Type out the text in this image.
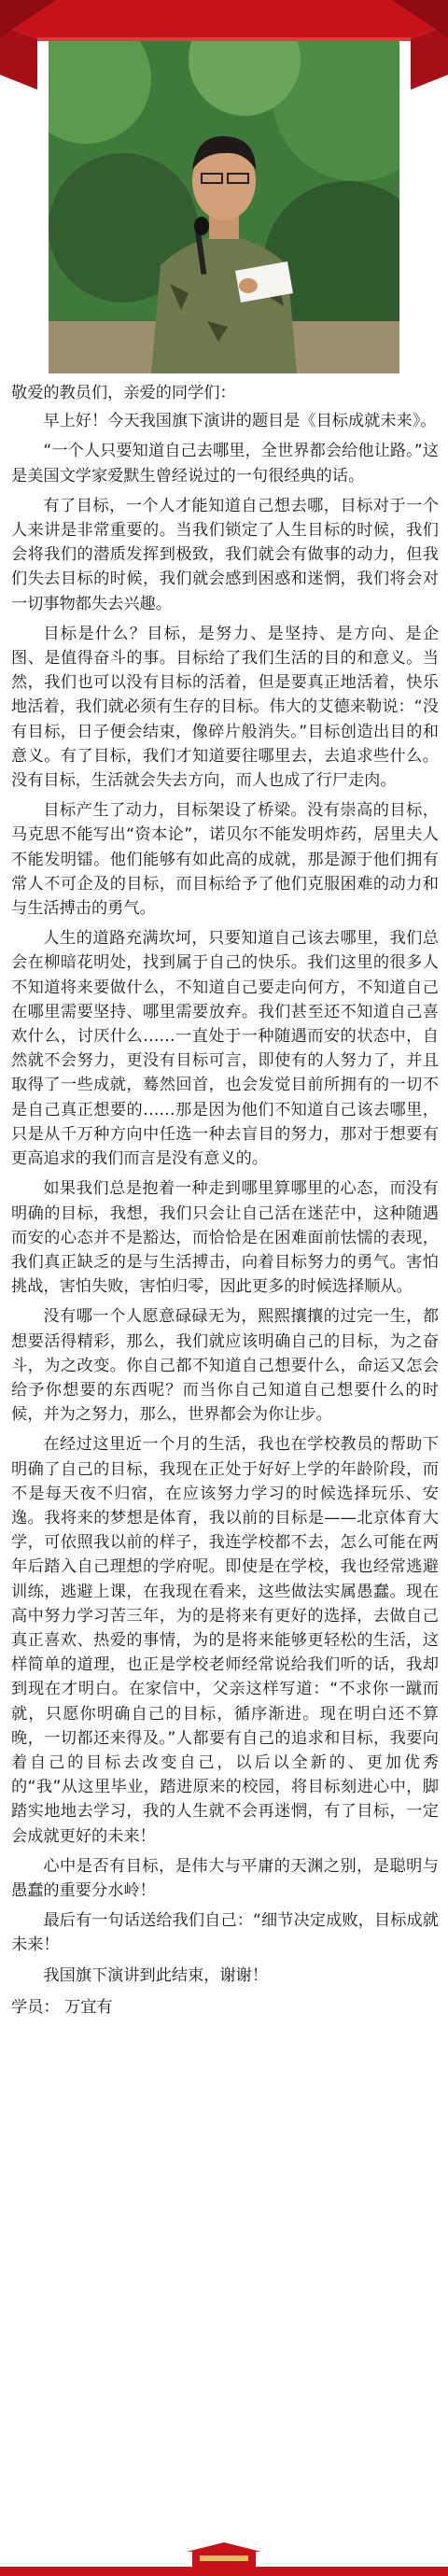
敬爱的教员们，亲爱的同学们：

早上好！今天我国旗下演讲的题目是《目标成就未来》。

“一个人只要知道自己去哪里，全世界都会给他让路。”这是美国文学家爱默生曾经说过的一句很经典的话。

有了目标，一个人才能知道自己想去哪，目标对于一个人来讲是非常重要的。当我们锁定了人生目标的时候，我们会将我们的潜质发挥到极致，我们就会有做事的动力，但我们失去目标的时候，我们就会感到困惑和迷惘，我们将会对一切事物都失去兴趣。

目标是什么？目标，是努力、是坚持、是方向、是企图、是值得奋斗的事。目标给了我们生活的目的和意义。当然，我们也可以没有目标的活着，但是要真正地活着，快乐地活着，我们就必须有生存的目标。伟大的艾德来勒说：“没有目标，日子便会结束，像碎片般消失。”目标创造出目的和意义。有了目标，我们才知道要往哪里去，去追求些什么。没有目标，生活就会失去方向，而人也成了行尸走肉。

目标产生了动力，目标架设了桥梁。没有崇高的目标，马克思不能写出“资本论”，诺贝尔不能发明炸药，居里夫人不能发明镭。他们能够有如此高的成就，那是源于他们拥有常人不可企及的目标，而目标给予了他们克服困难的动力和与生活搏击的勇气。

人生的道路充满坎坷，只要知道自己该去哪里，我们总会在柳暗花明处，找到属于自己的快乐。我们这里的很多人不知道将来要做什么，不知道自己要走向何方，不知道自己在哪里需要坚持、哪里需要放弃。我们甚至还不知道自己喜欢什么，讨厌什么……一直处于一种随遇而安的状态中，自然就不会努力，更没有目标可言，即使有的人努力了，并且取得了一些成就，蓦然回首，也会发觉目前所拥有的一切不是自己真正想要的……那是因为他们不知道自己该去哪里，只是从千万种方向中任选一种去盲目的努力，那对于想要有更高追求的我们而言是没有意义的。

如果我们总是抱着一种走到哪里算哪里的心态，而没有明确的目标，我想，我们只会让自己活在迷茫中，这种随遇而安的心态并不是豁达，而恰恰是在困难面前怯懦的表现，我们真正缺乏的是与生活搏击，向着目标努力的勇气。害怕挑战，害怕失败，害怕归零，因此更多的时候选择顺从。

没有哪一个人愿意碌碌无为，熙熙攘攘的过完一生，都想要活得精彩，那么，我们就应该明确自己的目标，为之奋斗，为之改变。你自己都不知道自己想要什么，命运又怎会给予你想要的东西呢？而当你自己知道自己想要什么的时候，并为之努力，那么，世界都会为你让步。

在经过这里近一个月的生活，我也在学校教员的帮助下明确了自己的目标，我现在正处于好好上学的年龄阶段，而不是每天夜不归宿，在应该努力学习的时候选择玩乐、安逸。我将来的梦想是体育，我以前的目标是——北京体育大学，可依照我以前的样子，我连学校都不去，怎么可能在两年后踏入自己理想的学府呢。即使是在学校，我也经常逃避训练，逃避上课，在我现在看来，这些做法实属愚蠢。现在高中努力学习苦三年，为的是将来有更好的选择，去做自己真正喜欢、热爱的事情，为的是将来能够更轻松的生活，这样简单的道理，也正是学校老师经常说给我们听的话，我却到现在才明白。在家信中，父亲这样写道：“不求你一蹴而就，只愿你明确自己的目标，循序渐进。现在明白还不算晚，一切都还来得及。”人都要有自己的追求和目标，我要向着自己的目标去改变自己，以后以全新的、更加优秀的“我”从这里毕业，踏进原来的校园，将目标刻进心中，脚踏实地地去学习，我的人生就不会再迷惘，有了目标，一定会成就更好的未来！

心中是否有目标，是伟大与平庸的天渊之别，是聪明与愚蠢的重要分水岭！

最后有一句话送给我们自己：“细节决定成败，目标成就未来！

我国旗下演讲到此结束，谢谢！

学员： 万宜有
